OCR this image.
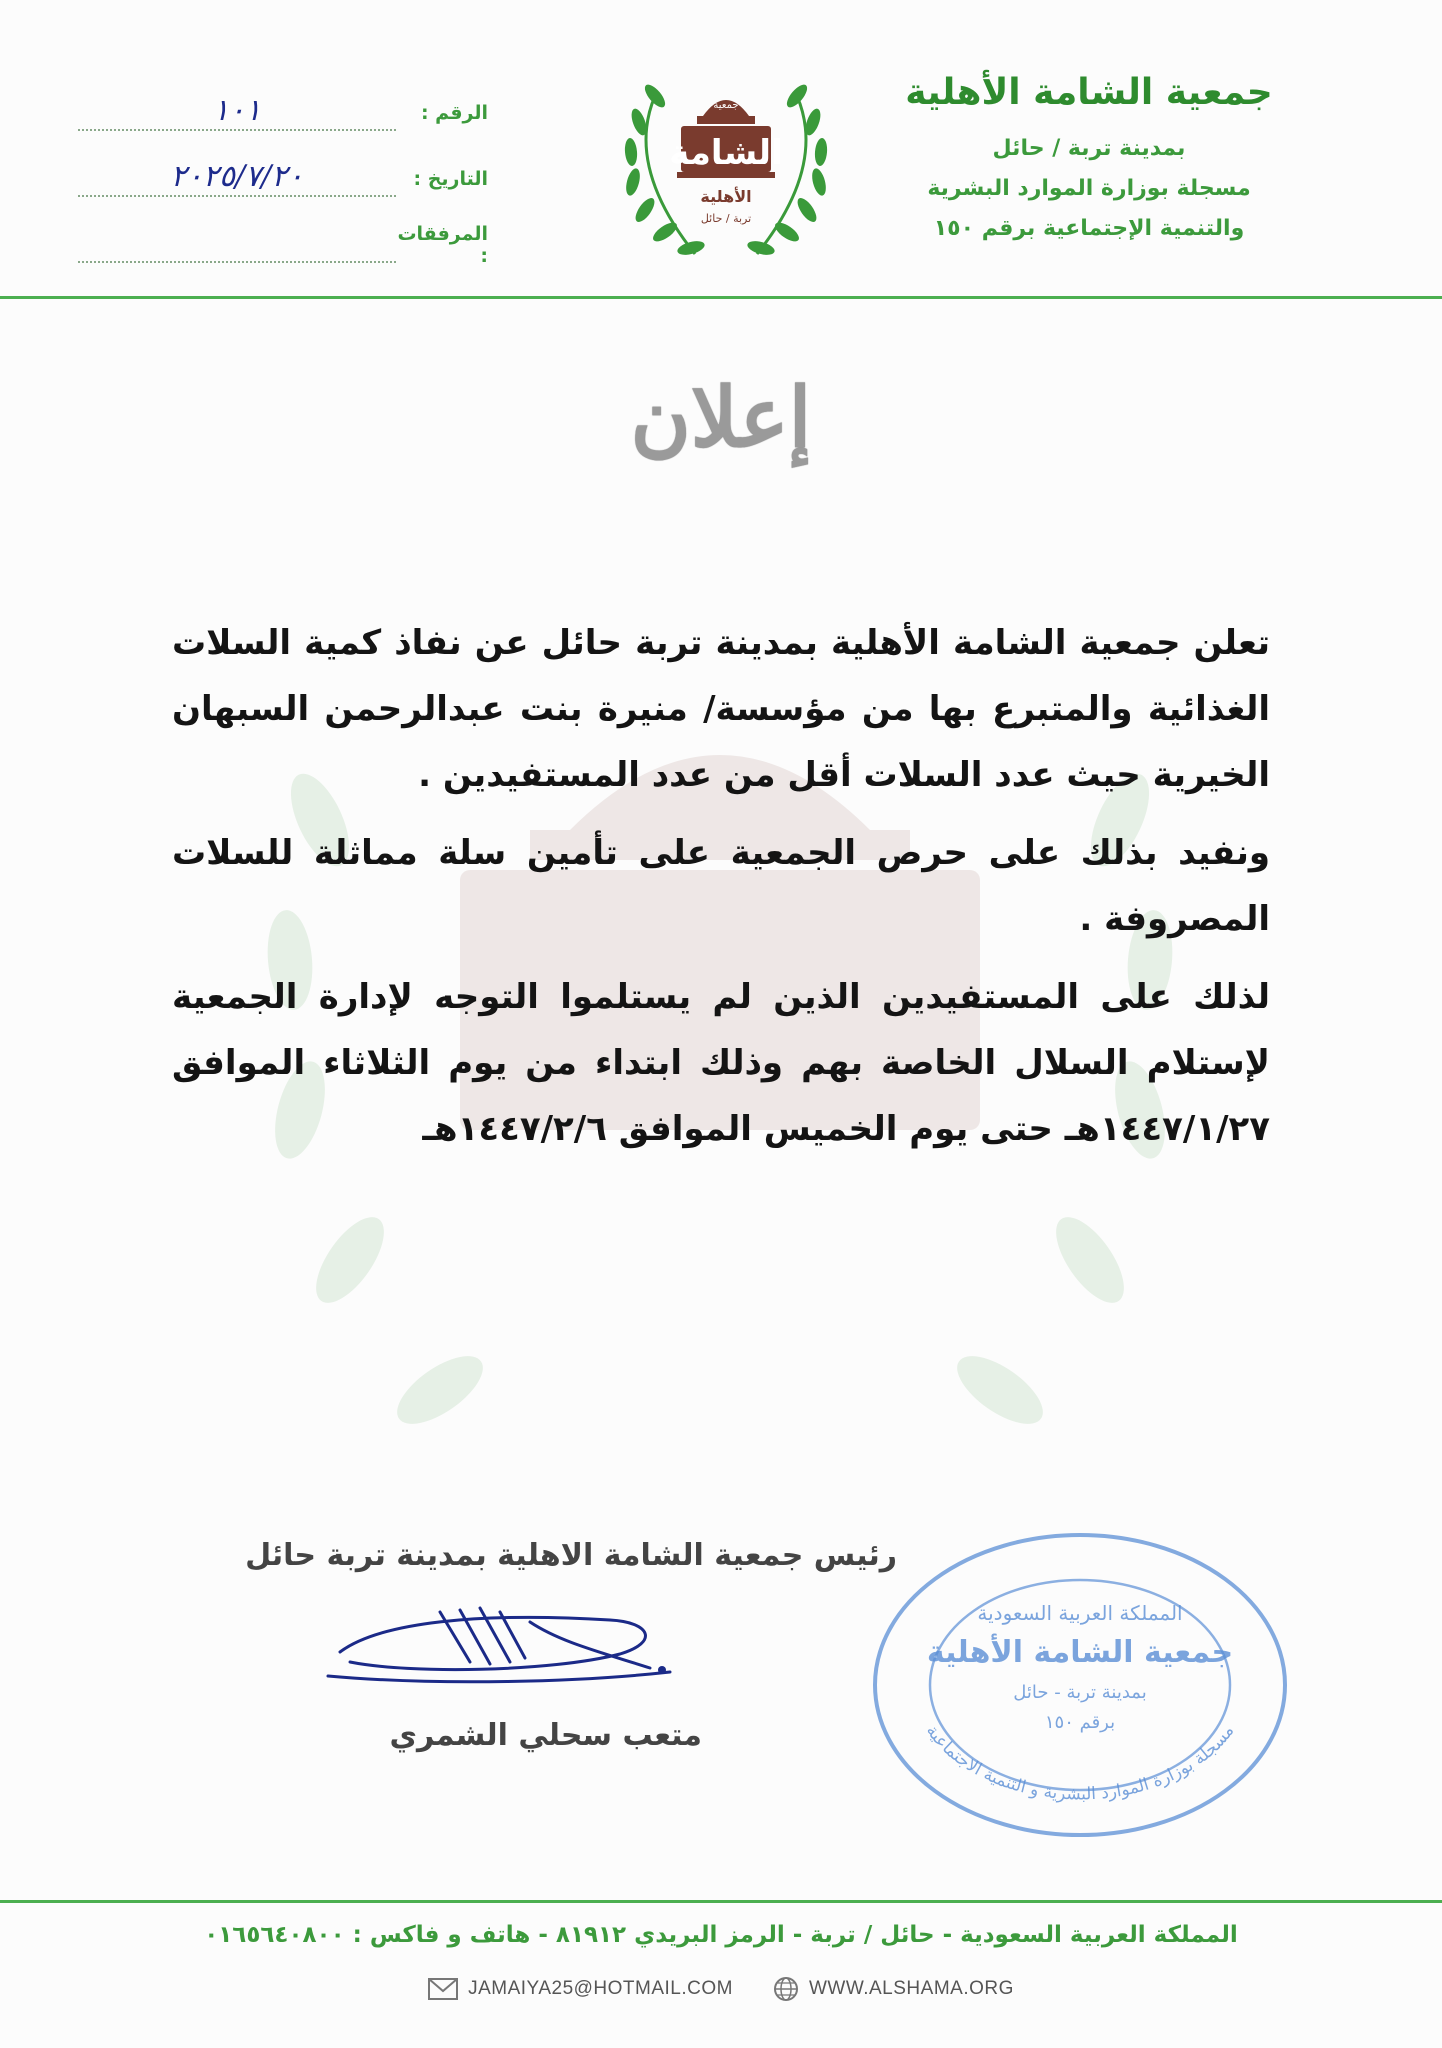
جمعية الشامة الأهلية
بمدينة تربة / حائل
مسجلة بوزارة الموارد البشرية
والتنمية الإجتماعية برقم ١٥٠
جمعية
الشامة
الأهلية
تربة / حائل
الرقم :
١٠١
التاريخ :
٢٠٢٥/٧/٢٠
المرفقات :
إعلان

تعلن جمعية الشامة الأهلية بمدينة تربة حائل عن نفاذ كمية السلات الغذائية والمتبرع بها من مؤسسة/ منيرة بنت عبدالرحمن السبهان الخيرية حيث عدد السلات أقل من عدد المستفيدين .

ونفيد بذلك على حرص الجمعية على تأمين سلة مماثلة للسلات المصروفة .

لذلك على المستفيدين الذين لم يستلموا التوجه لإدارة الجمعية لإستلام السلال الخاصة بهم وذلك ابتداء من يوم الثلاثاء الموافق ١٤٤٧/١/٢٧هـ حتى يوم الخميس الموافق ١٤٤٧/٢/٦هـ

رئيس جمعية الشامة الاهلية بمدينة تربة حائل
متعب سحلي الشمري
المملكة العربية السعودية
جمعية الشامة الأهلية
بمدينة تربة - حائل
برقم ١٥٠
مسجلة بوزارة الموارد البشرية و التنمية الاجتماعية
المملكة العربية السعودية - حائل / تربة - الرمز البريدي ٨١٩١٢ - هاتف و فاكس : ٠١٦٥٦٤٠٨٠٠
JAMAIYA25@HOTMAIL.COM	WWW.ALSHAMA.ORG
